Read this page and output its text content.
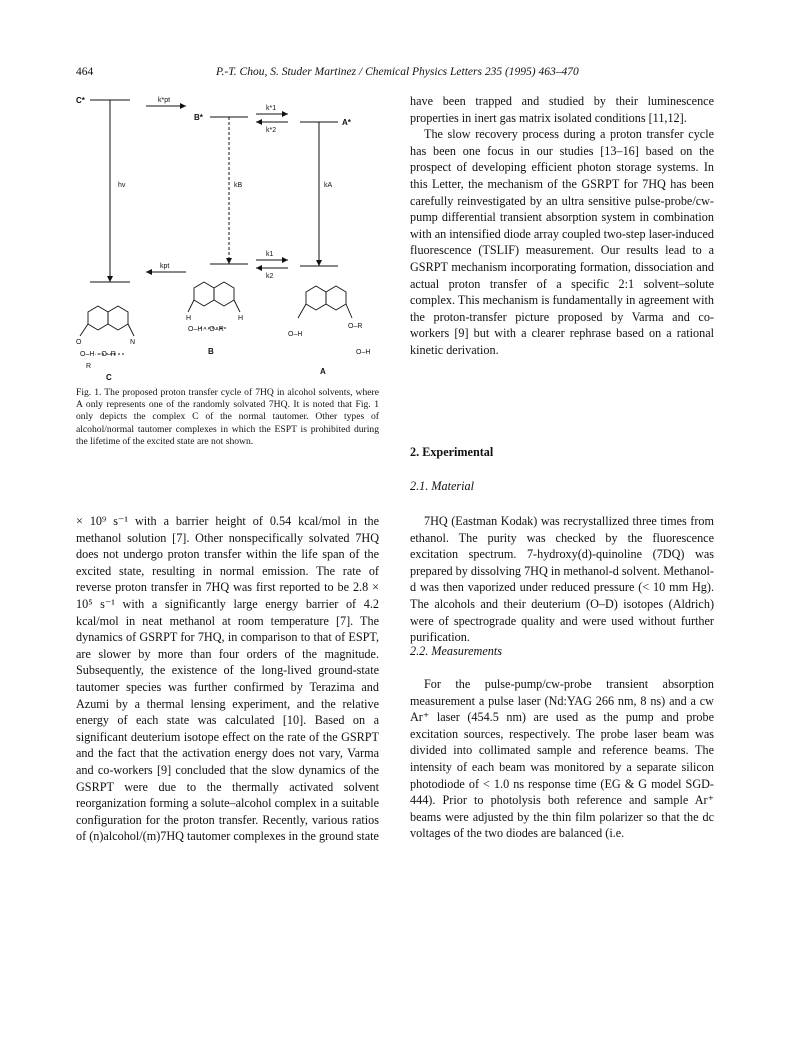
464	P.-T. Chou, S. Studer Martinez / Chemical Physics Letters 235 (1995) 463–470
C*
B*
A*
k*pt
k*1
k*2
hv	kB	kA
kpt
k1
k2
O	N
O–H···O–R
R
C
H	H
O–H···O–R
B
O–R
O–H
O–H
A

Fig. 1. The proposed proton transfer cycle of 7HQ in alcohol solvents, where A only represents one of the randomly solvated 7HQ. It is noted that Fig. 1 only depicts the complex C of the normal tautomer. Other types of alcohol/normal tautomer complexes in which the ESPT is prohibited during the lifetime of the excited state are not shown.

× 10⁹ s⁻¹ with a barrier height of 0.54 kcal/mol in the methanol solution [7]. Other nonspecifically solvated 7HQ does not undergo proton transfer within the life span of the excited state, resulting in normal emission. The rate of reverse proton transfer in 7HQ was first reported to be 2.8 × 10⁵ s⁻¹ with a significantly large energy barrier of 4.2 kcal/mol in neat methanol at room temperature [7]. The dynamics of GSRPT for 7HQ, in comparison to that of ESPT, are slower by more than four orders of the magnitude. Subsequently, the existence of the long-lived ground-state tautomer species was further confirmed by Terazima and Azumi by a thermal lensing experiment, and the relative energy of each state was calculated [10]. Based on a significant deuterium isotope effect on the rate of the GSRPT and the fact that the activation energy does not vary, Varma and co-workers [9] concluded that the slow dynamics of the GSRPT were due to the thermally activated solvent reorganization forming a solute–alcohol complex in a suitable configuration for the proton transfer. Recently, various ratios of (n)alcohol/(m)7HQ tautomer complexes in the ground state

have been trapped and studied by their luminescence properties in inert gas matrix isolated conditions [11,12].

The slow recovery process during a proton transfer cycle has been one focus in our studies [13–16] based on the prospect of developing efficient photon storage systems. In this Letter, the mechanism of the GSRPT for 7HQ has been carefully reinvestigated by an ultra sensitive pulse-probe/cw-pump differential transient absorption system in combination with an intensified diode array coupled two-step laser-induced fluorescence (TSLIF) measurement. Our results lead to a GSRPT mechanism incorporating formation, dissociation and actual proton transfer of a specific 2:1 solvent–solute complex. This mechanism is fundamentally in agreement with the proton-transfer picture proposed by Varma and co-workers [9] but with a clearer rephrase based on a rational kinetic derivation.

2. Experimental
2.1. Material

7HQ (Eastman Kodak) was recrystallized three times from ethanol. The purity was checked by the fluorescence excitation spectrum. 7-hydroxy(d)-quinoline (7DQ) was prepared by dissolving 7HQ in methanol-d solvent. Methanol-d was then vaporized under reduced pressure (< 10 mm Hg). The alcohols and their deuterium (O–D) isotopes (Aldrich) were of spectrograde quality and were used without further purification.

2.2. Measurements

For the pulse-pump/cw-probe transient absorption measurement a pulse laser (Nd:YAG 266 nm, 8 ns) and a cw Ar⁺ laser (454.5 nm) are used as the pump and probe excitation sources, respectively. The probe laser beam was divided into collimated sample and reference beams. The intensity of each beam was monitored by a separate silicon photodiode of < 1.0 ns response time (EG & G model SGD-444). Prior to photolysis both reference and sample Ar⁺ beams were adjusted by the thin film polarizer so that the dc voltages of the two diodes are balanced (i.e.
